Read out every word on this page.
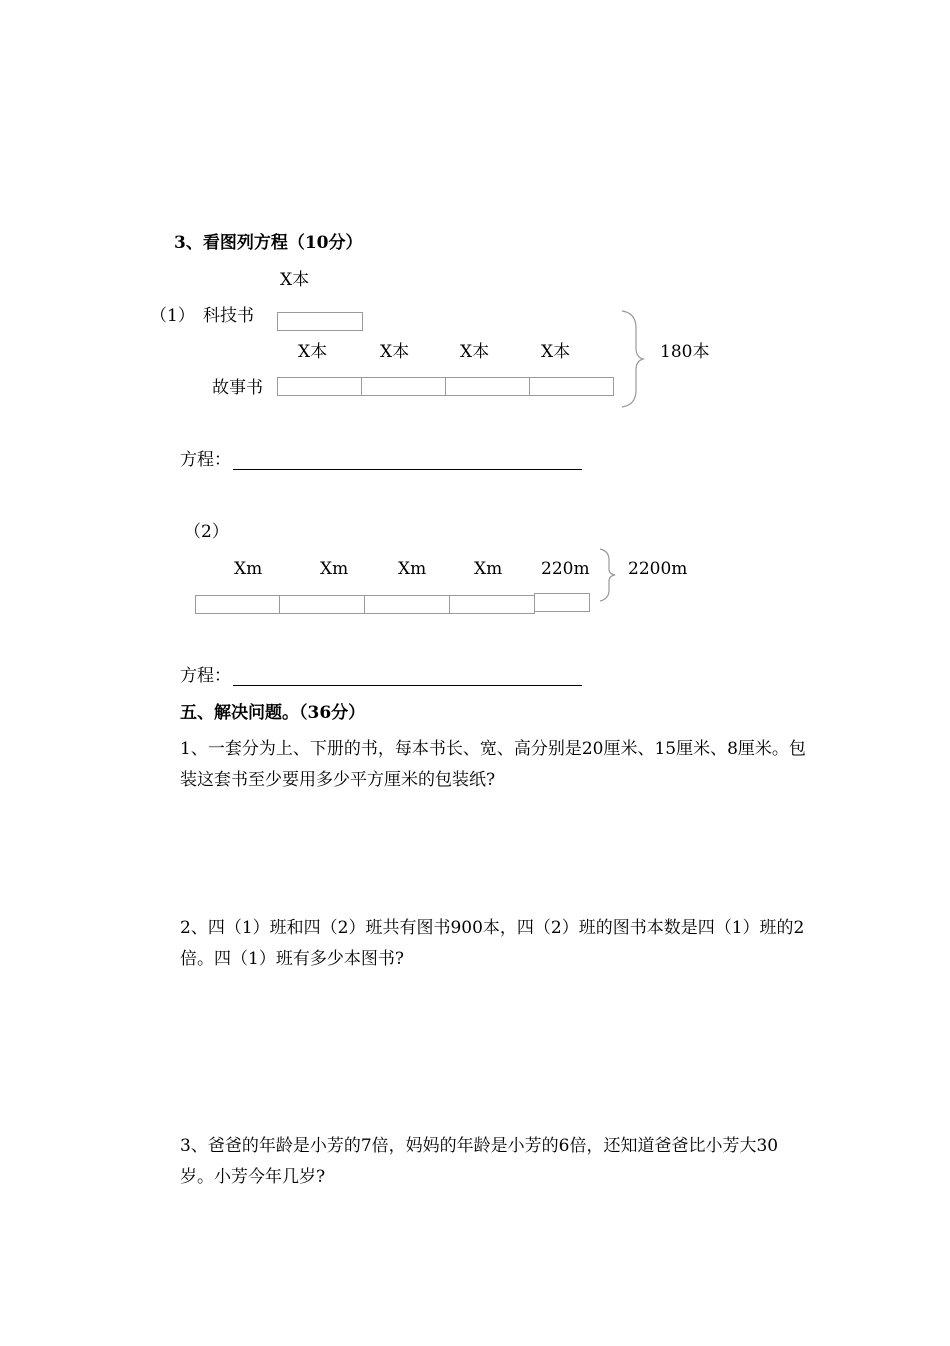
3、看图列方程（10分）
X本
（1） 科技书
X本	X本	X本	X本
故事书
180本
方程：
（2）
Xm	Xm	Xm	Xm 220m 2200m
方程：
五、解决问题。（36分）
1、一套分为上、下册的书，每本书长、宽、高分别是20厘米、15厘米、8厘米。包装这套书至少要用多少平方厘米的包装纸?
2、四（1）班和四（2）班共有图书900本，四（2）班的图书本数是四（1）班的2倍。四（1）班有多少本图书?
3、爸爸的年龄是小芳的7倍，妈妈的年龄是小芳的6倍，还知道爸爸比小芳大30岁。小芳今年几岁?
